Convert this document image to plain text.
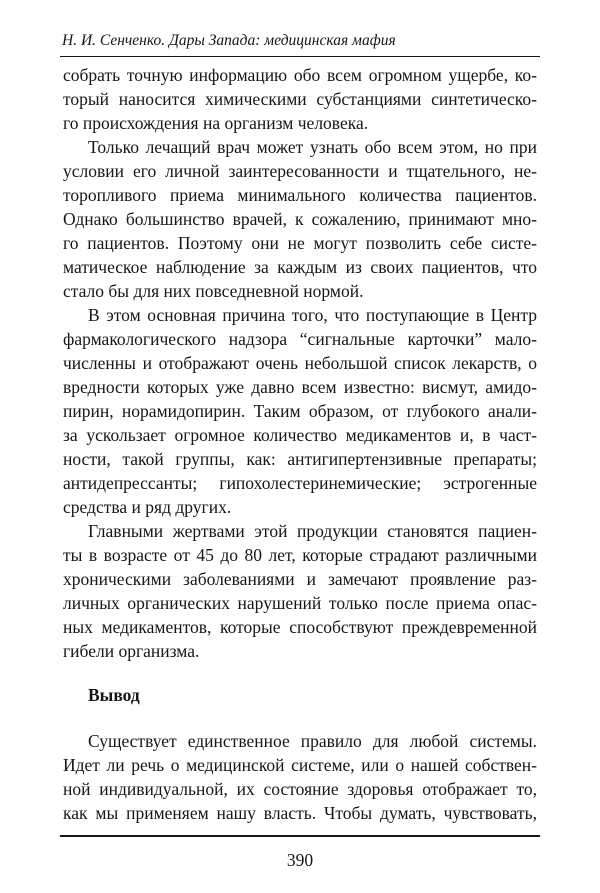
Н. И. Сенченко. Дары Запада: медицинская мафия
собрать точную информацию обо всем огромном ущербе, ко-
торый наносится химическими субстанциями синтетическо-
го происхождения на организм человека.
Только лечащий врач может узнать обо всем этом, но при
условии его личной заинтересованности и тщательного, не-
торопливого приема минимального количества пациентов.
Однако большинство врачей, к сожалению, принимают мно-
го пациентов. Поэтому они не могут позволить себе систе-
матическое наблюдение за каждым из своих пациентов, что
стало бы для них повседневной нормой.
В этом основная причина того, что поступающие в Центр
фармакологического надзора “сигнальные карточки” мало-
численны и отображают очень небольшой список лекарств, о
вредности которых уже давно всем известно: висмут, амидо-
пирин, норамидопирин. Таким образом, от глубокого анали-
за ускользает огромное количество медикаментов и, в част-
ности, такой группы, как: антигипертензивные препараты;
антидепрессанты; гипохолестеринемические; эстрогенные
средства и ряд других.
Главными жертвами этой продукции становятся пациен-
ты в возрасте от 45 до 80 лет, которые страдают различными
хроническими заболеваниями и замечают проявление раз-
личных органических нарушений только после приема опас-
ных медикаментов, которые способствуют преждевременной
гибели организма.
Вывод
Существует единственное правило для любой системы.
Идет ли речь о медицинской системе, или о нашей собствен-
ной индивидуальной, их состояние здоровья отображает то,
как мы применяем нашу власть. Чтобы думать, чувствовать,
390
